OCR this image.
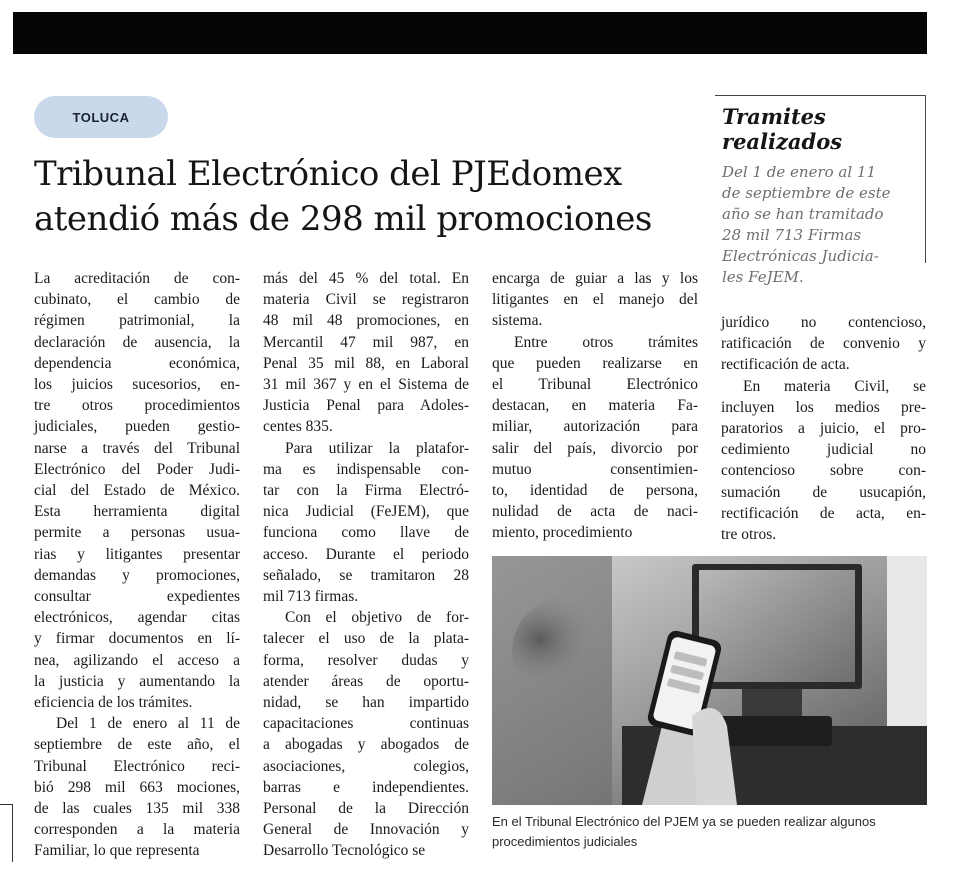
TOLUCA
Tribunal Electrónico del PJEdomex
atendió más de 298 mil promociones
Tramites
realizados
Del 1 de enero al 11
de septiembre de este
año se han tramitado
28 mil 713 Firmas
Electrónicas Judicia-
les FeJEM.
La acreditación de con-
cubinato, el cambio de
régimen patrimonial, la
declaración de ausencia, la
dependencia económica,
los juicios sucesorios, en-
tre otros procedimientos
judiciales, pueden gestio-
narse a través del Tribunal
Electrónico del Poder Judi-
cial del Estado de México.
Esta herramienta digital
permite a personas usua-
rias y litigantes presentar
demandas y promociones,
consultar expedientes
electrónicos, agendar citas
y firmar documentos en lí-
nea, agilizando el acceso a
la justicia y aumentando la
eficiencia de los trámites.
Del 1 de enero al 11 de
septiembre de este año, el
Tribunal Electrónico reci-
bió 298 mil 663 mociones,
de las cuales 135 mil 338
corresponden a la materia
Familiar, lo que representa
más del 45 % del total. En
materia Civil se registraron
48 mil 48 promociones, en
Mercantil 47 mil 987, en
Penal 35 mil 88, en Laboral
31 mil 367 y en el Sistema de
Justicia Penal para Adoles-
centes 835.
Para utilizar la platafor-
ma es indispensable con-
tar con la Firma Electró-
nica Judicial (FeJEM), que
funciona como llave de
acceso. Durante el periodo
señalado, se tramitaron 28
mil 713 firmas.
Con el objetivo de for-
talecer el uso de la plata-
forma, resolver dudas y
atender áreas de oportu-
nidad, se han impartido
capacitaciones continuas
a abogadas y abogados de
asociaciones, colegios,
barras e independientes.
Personal de la Dirección
General de Innovación y
Desarrollo Tecnológico se
encarga de guiar a las y los
litigantes en el manejo del
sistema.
Entre otros trámites
que pueden realizarse en
el Tribunal Electrónico
destacan, en materia Fa-
miliar, autorización para
salir del país, divorcio por
mutuo consentimien-
to, identidad de persona,
nulidad de acta de naci-
miento, procedimiento
jurídico no contencioso,
ratificación de convenio y
rectificación de acta.
En materia Civil, se
incluyen los medios pre-
paratorios a juicio, el pro-
cedimiento judicial no
contencioso sobre con-
sumación de usucapión,
rectificación de acta, en-
tre otros.
En el Tribunal Electrónico del PJEM ya se pueden realizar algunos
procedimientos judiciales
